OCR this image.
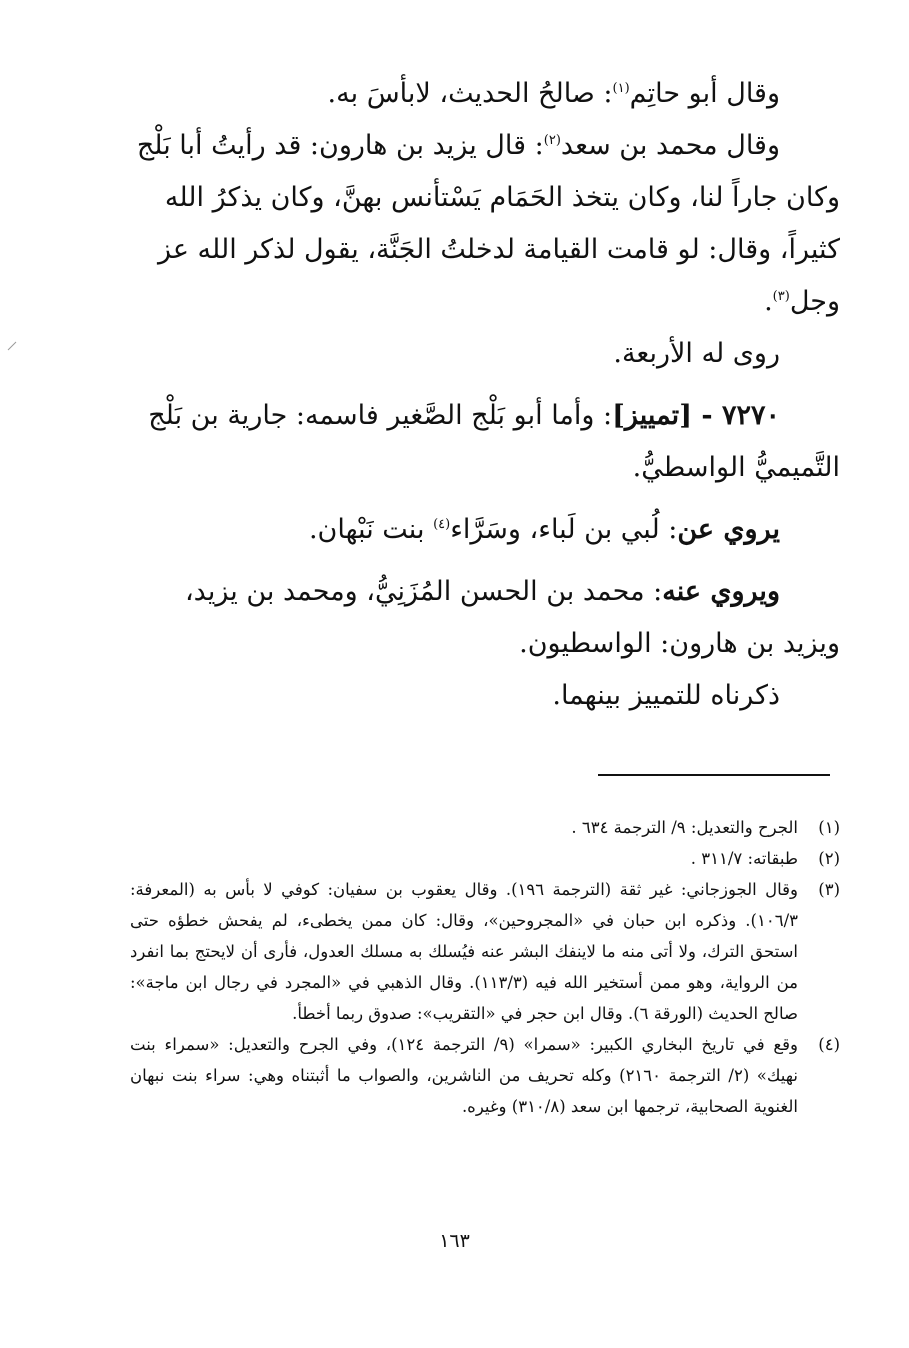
وقال أبو حاتِم$^{(١)}$: صالحُ الحديث، لابأسَ به.

وقال محمد بن سعد$^{(٢)}$: قال يزيد بن هارون: قد رأيتُ أبا بَلْج وكان جاراً لنا، وكان يتخذ الحَمَام يَسْتأنس بهنَّ، وكان يذكرُ الله كثيراً، وقال: لو قامت القيامة لدخلتُ الجَنَّة، يقول لذكر الله عز وجل$^{(٣)}$.

روى له الأربعة.

٧٢٧٠ - [تمييز]: وأما أبو بَلْج الصَّغير فاسمه: جارية بن بَلْج التَّميميُّ الواسطيُّ.

يروي عن: لُبي بن لَباء، وسَرَّاء$^{(٤)}$ بنت نَبْهان.

ويروي عنه: محمد بن الحسن المُزَنِيُّ، ومحمد بن يزيد، ويزيد بن هارون: الواسطيون.

ذكرناه للتمييز بينهما.

(١)
الجرح والتعديل: ٩/ الترجمة ٦٣٤ .
(٢)
طبقاته: ٣١١/٧ .
(٣)
وقال الجوزجاني: غير ثقة (الترجمة ١٩٦). وقال يعقوب بن سفيان: كوفي لا بأس به (المعرفة: ١٠٦/٣). وذكره ابن حبان في «المجروحين»، وقال: كان ممن يخطىء، لم يفحش خطؤه حتى استحق الترك، ولا أتى منه ما لاينفك البشر عنه فيُسلك به مسلك العدول، فأرى أن لايحتج بما انفرد من الرواية، وهو ممن أستخير الله فيه (١١٣/٣). وقال الذهبي في «المجرد في رجال ابن ماجة»: صالح الحديث (الورقة ٦). وقال ابن حجر في «التقريب»: صدوق ربما أخطأ.
(٤)
وقع في تاريخ البخاري الكبير: «سمرا» (٩/ الترجمة ١٢٤)، وفي الجرح والتعديل: «سمراء بنت نهيك» (٢/ الترجمة ٢١٦٠) وكله تحريف من الناشرين، والصواب ما أثبتناه وهي: سراء بنت نبهان الغنوية الصحابية، ترجمها ابن سعد (٣١٠/٨) وغيره.
١٦٣
